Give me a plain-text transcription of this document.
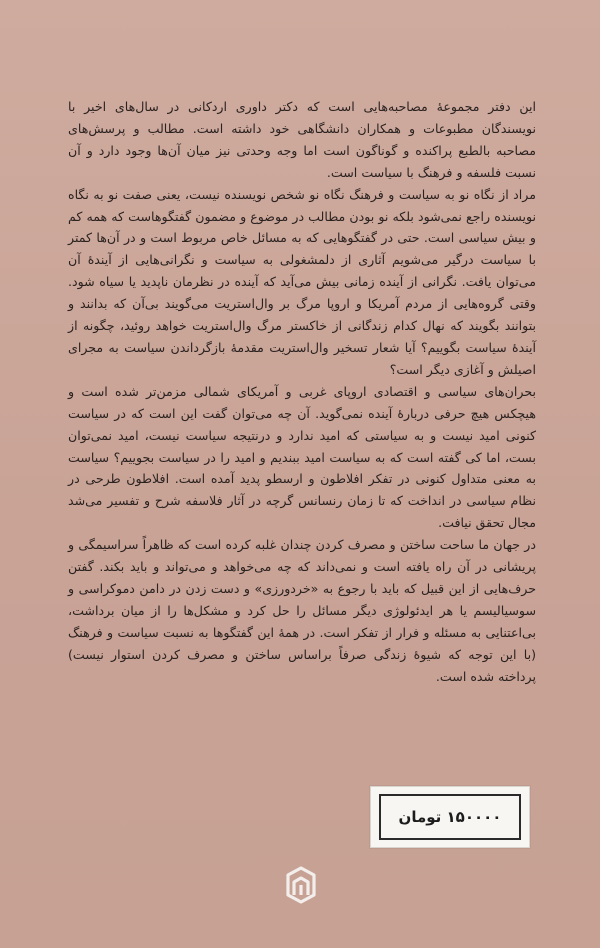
این دفتر مجموعهٔ مصاحبه‌هایی است که دکتر داوری اردکانی در سال‌های اخیر با نویسندگان مطبوعات و همکاران دانشگاهی خود داشته است. مطالب و پرسش‌های مصاحبه بالطبع پراکنده و گوناگون است اما وجه وحدتی نیز میان آن‌ها وجود دارد و آن نسبت فلسفه و فرهنگ با سیاست است.

مراد از نگاه نو به سیاست و فرهنگ نگاه نو شخص نویسنده نیست، یعنی صفت نو به نگاه نویسنده راجع نمی‌شود بلکه نو بودن مطالب در موضوع و مضمون گفتگوهاست که همه کم و بیش سیاسی است. حتی در گفتگوهایی که به مسائل خاص مربوط است و در آن‌ها کمتر با سیاست درگیر می‌شویم آثاری از دلمشغولی به سیاست و نگرانی‌هایی از آیندهٔ آن می‌توان یافت. نگرانی از آینده زمانی بیش می‌آید که آینده در نظرمان ناپدید یا سیاه شود. وقتی گروه‌هایی از مردم آمریکا و اروپا مرگ بر وال‌استریت می‌گویند بی‌آن که بدانند و بتوانند بگویند که نهال کدام زندگانی از خاکستر مرگ وال‌استریت خواهد روئید، چگونه از آیندهٔ سیاست بگوییم؟ آیا شعار تسخیر وال‌استریت مقدمهٔ بازگرداندن سیاست به مجرای اصیلش و آغازی دیگر است؟

بحران‌های سیاسی و اقتصادی اروپای غربی و آمریکای شمالی مزمن‌تر شده است و هیچکس هیچ حرفی دربارهٔ آینده نمی‌گوید. آن چه می‌توان گفت این است که در سیاست کنونی امید نیست و به سیاستی که امید ندارد و درنتیجه سیاست نیست، امید نمی‌توان بست، اما کی گفته است که به سیاست امید ببندیم و امید را در سیاست بجوییم؟ سیاست به معنی متداول کنونی در تفکر افلاطون و ارسطو پدید آمده است. افلاطون طرحی در نظام سیاسی در انداخت که تا زمان رنسانس گرچه در آثار فلاسفه شرح و تفسیر می‌شد مجال تحقق نیافت.

در جهان ما ساحت ساختن و مصرف کردن چندان غلبه کرده است که ظاهراً سراسیمگی و پریشانی در آن راه یافته است و نمی‌داند که چه می‌خواهد و می‌تواند و باید بکند. گفتن حرف‌هایی از این قبیل که باید با رجوع به «خردورزی» و دست زدن در دامن دموکراسی و سوسیالیسم یا هر ایدئولوژی دیگر مسائل را حل کرد و مشکل‌ها را از میان برداشت، بی‌اعتنایی به مسئله و فرار از تفکر است. در همهٔ این گفتگوها به نسبت سیاست و فرهنگ (با این توجه که شیوهٔ زندگی صرفاً براساس ساختن و مصرف کردن استوار نیست) پرداخته شده است.

۱۵۰۰۰۰ تومان
